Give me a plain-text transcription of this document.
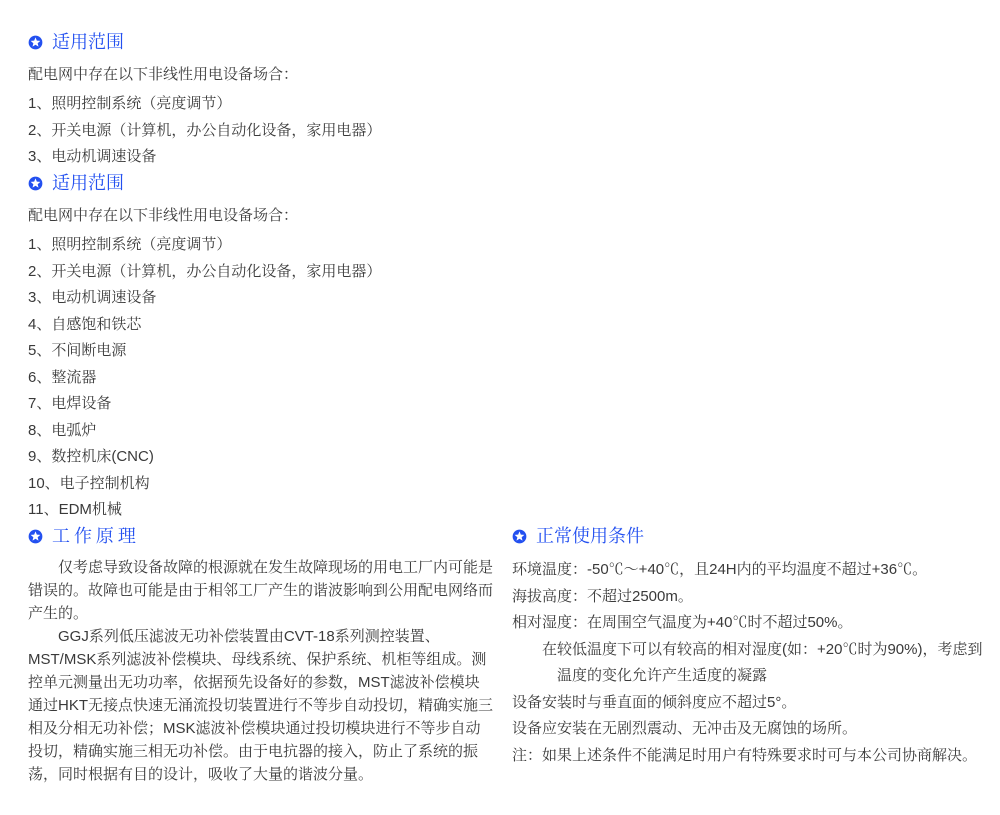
适用范围

配电网中存在以下非线性用电设备场合：

1、照明控制系统（亮度调节）
2、开关电源（计算机，办公自动化设备，家用电器）
3、电动机调速设备
适用范围

配电网中存在以下非线性用电设备场合：

1、照明控制系统（亮度调节）
2、开关电源（计算机，办公自动化设备，家用电器）
3、电动机调速设备
4、自感饱和铁芯
5、不间断电源
6、整流器
7、电焊设备
8、电弧炉
9、数控机床(CNC)
10、电子控制机构
11、EDM机械
工作原理

仅考虑导致设备故障的根源就在发生故障现场的用电工厂内可能是错误的。故障也可能是由于相邻工厂产生的谐波影响到公用配电网络而产生的。

GGJ系列低压滤波无功补偿装置由CVT-18系列测控装置、MST/MSK系列滤波补偿模块、母线系统、保护系统、机柜等组成。测控单元测量出无功功率，依据预先设备好的参数，MST滤波补偿模块通过HKT无接点快速无涌流投切装置进行不等步自动投切，精确实施三相及分相无功补偿；MSK滤波补偿模块通过投切模块进行不等步自动投切，精确实施三相无功补偿。由于电抗器的接入，防止了系统的振荡，同时根据有目的设计，吸收了大量的谐波分量。

正常使用条件
环境温度：-50℃～+40℃，且24H内的平均温度不超过+36℃。
海拔高度：不超过2500m。
相对湿度：在周围空气温度为+40℃时不超过50%。

在较低温度下可以有较高的相对湿度(如：+20℃时为90%)，考虑到温度的变化允许产生适度的凝露

设备安装时与垂直面的倾斜度应不超过5°。
设备应安装在无剧烈震动、无冲击及无腐蚀的场所。
注：如果上述条件不能满足时用户有特殊要求时可与本公司协商解决。
